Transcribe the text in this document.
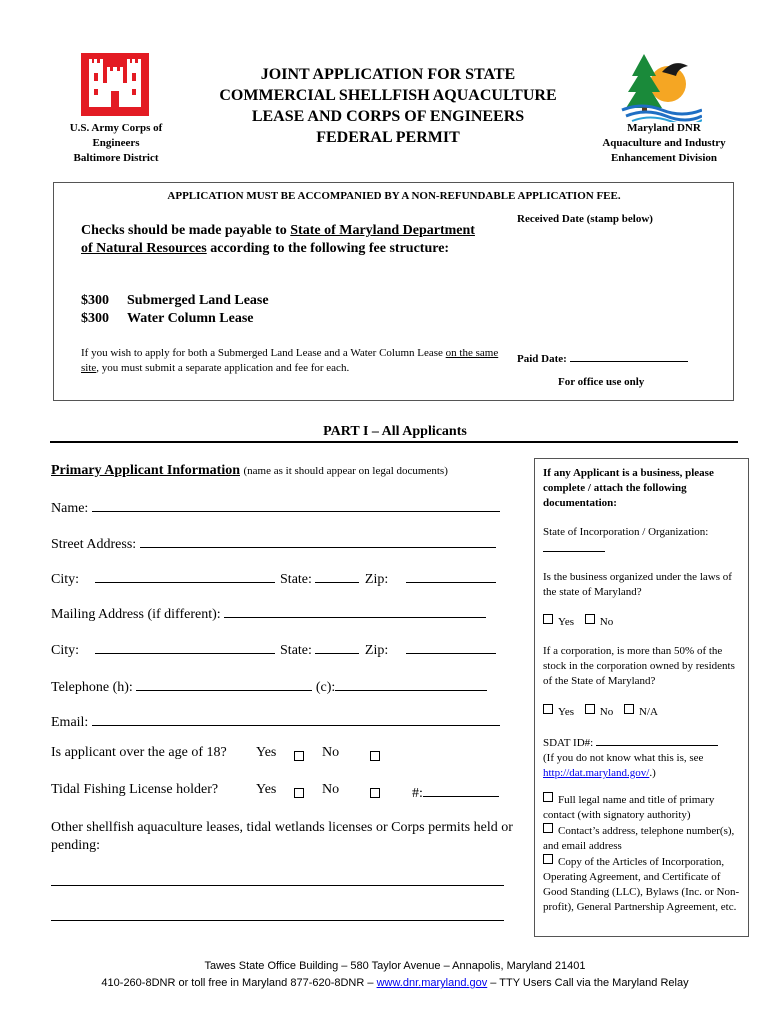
U.S. Army Corps of
Engineers
Baltimore District
JOINT APPLICATION FOR STATE
COMMERCIAL SHELLFISH AQUACULTURE
LEASE AND CORPS OF ENGINEERS
FEDERAL PERMIT
Maryland DNR
Aquaculture and Industry
Enhancement Division
APPLICATION MUST BE ACCOMPANIED BY A NON-REFUNDABLE APPLICATION FEE.
Checks should be made payable to State of Maryland Department of Natural Resources according to the following fee structure:
$300 Submerged Land Lease
$300 Water Column Lease
If you wish to apply for both a Submerged Land Lease and a Water Column Lease on the same site, you must submit a separate application and fee for each.
Received Date (stamp below)
Paid Date:
For office use only
PART I – All Applicants
Primary Applicant Information (name as it should appear on legal documents)
Name:
Street Address:
City:	State:	Zip:
Mailing Address (if different):
City:	State:	Zip:
Telephone (h):	(c):
Email:
Is applicant over the age of 18?	Yes	No
Tidal Fishing License holder?	Yes	No	#:
Other shellfish aquaculture leases, tidal wetlands licenses or Corps permits held or pending:
If any Applicant is a business, please complete / attach the following documentation:
State of Incorporation / Organization:
Is the business organized under the laws of the state of Maryland?
Yes No
If a corporation, is more than 50% of the stock in the corporation owned by residents of the State of Maryland?
Yes No N/A
SDAT ID#:
(If you do not know what this is, see http://dat.maryland.gov/.)
Full legal name and title of primary contact (with signatory authority)
Contact’s address, telephone number(s), and email address
Copy of the Articles of Incorporation, Operating Agreement, and Certificate of Good Standing (LLC), Bylaws (Inc. or Non-profit), General Partnership Agreement, etc.
Tawes State Office Building – 580 Taylor Avenue – Annapolis, Maryland 21401
410-260-8DNR or toll free in Maryland 877-620-8DNR – www.dnr.maryland.gov – TTY Users Call via the Maryland Relay
